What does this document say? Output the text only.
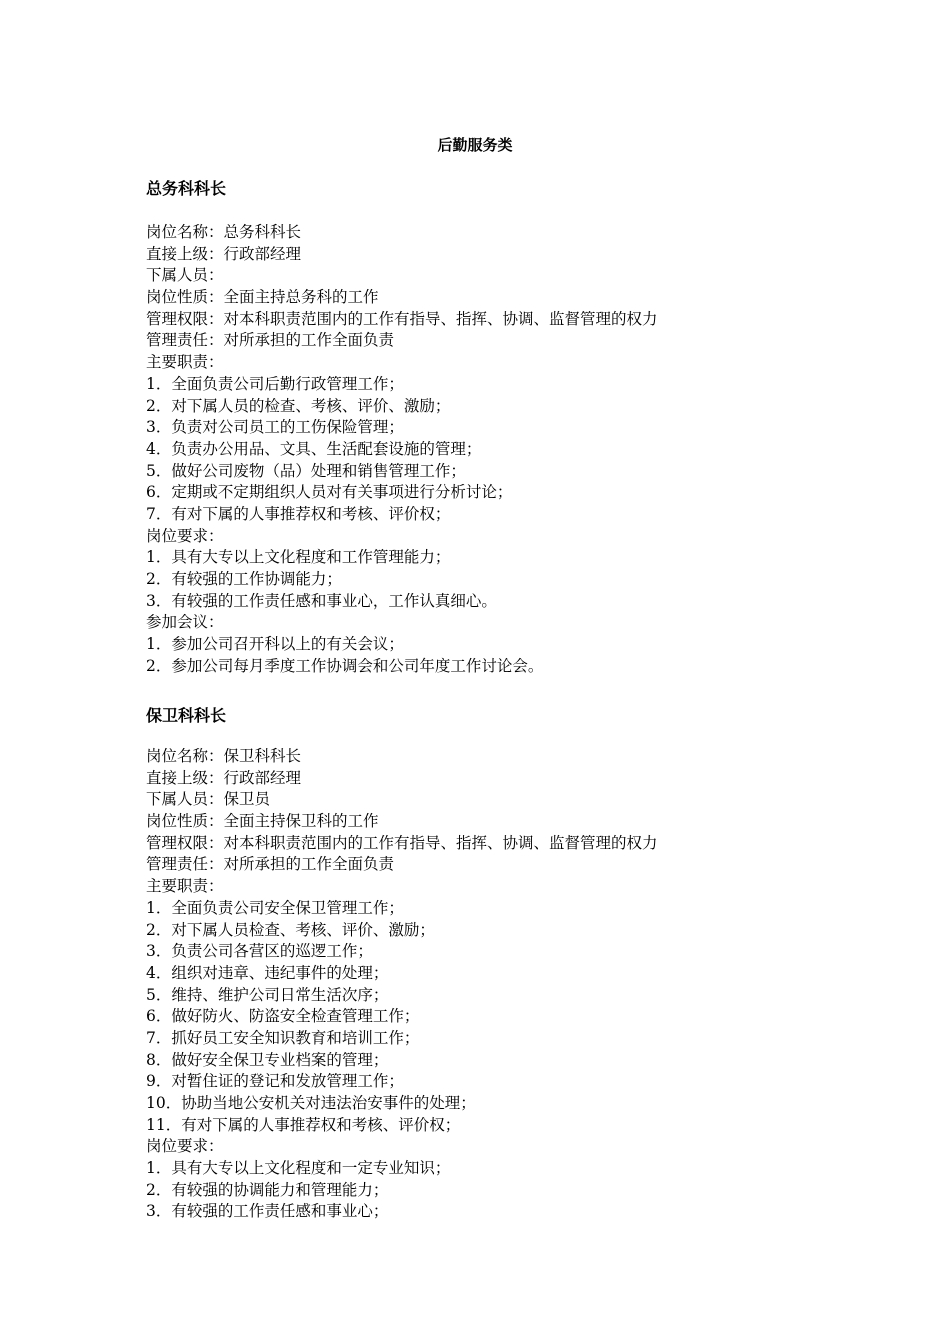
后勤服务类
总务科科长
岗位名称：总务科科长
直接上级：行政部经理
下属人员：
岗位性质：全面主持总务科的工作
管理权限：对本科职责范围内的工作有指导、指挥、协调、监督管理的权力
管理责任：对所承担的工作全面负责
主要职责：
1．全面负责公司后勤行政管理工作；
2．对下属人员的检查、考核、评价、激励；
3．负责对公司员工的工伤保险管理；
4．负责办公用品、文具、生活配套设施的管理；
5．做好公司废物（品）处理和销售管理工作；
6．定期或不定期组织人员对有关事项进行分析讨论；
7．有对下属的人事推荐权和考核、评价权；
岗位要求：
1．具有大专以上文化程度和工作管理能力；
2．有较强的工作协调能力；
3．有较强的工作责任感和事业心，工作认真细心。
参加会议：
1．参加公司召开科以上的有关会议；
2．参加公司每月季度工作协调会和公司年度工作讨论会。
保卫科科长
岗位名称：保卫科科长
直接上级：行政部经理
下属人员：保卫员
岗位性质：全面主持保卫科的工作
管理权限：对本科职责范围内的工作有指导、指挥、协调、监督管理的权力
管理责任：对所承担的工作全面负责
主要职责：
1．全面负责公司安全保卫管理工作；
2．对下属人员检查、考核、评价、激励；
3．负责公司各营区的巡逻工作；
4．组织对违章、违纪事件的处理；
5．维持、维护公司日常生活次序；
6．做好防火、防盗安全检查管理工作；
7．抓好员工安全知识教育和培训工作；
8．做好安全保卫专业档案的管理；
9．对暂住证的登记和发放管理工作；
10．协助当地公安机关对违法治安事件的处理；
11．有对下属的人事推荐权和考核、评价权；
岗位要求：
1．具有大专以上文化程度和一定专业知识；
2．有较强的协调能力和管理能力；
3．有较强的工作责任感和事业心；
